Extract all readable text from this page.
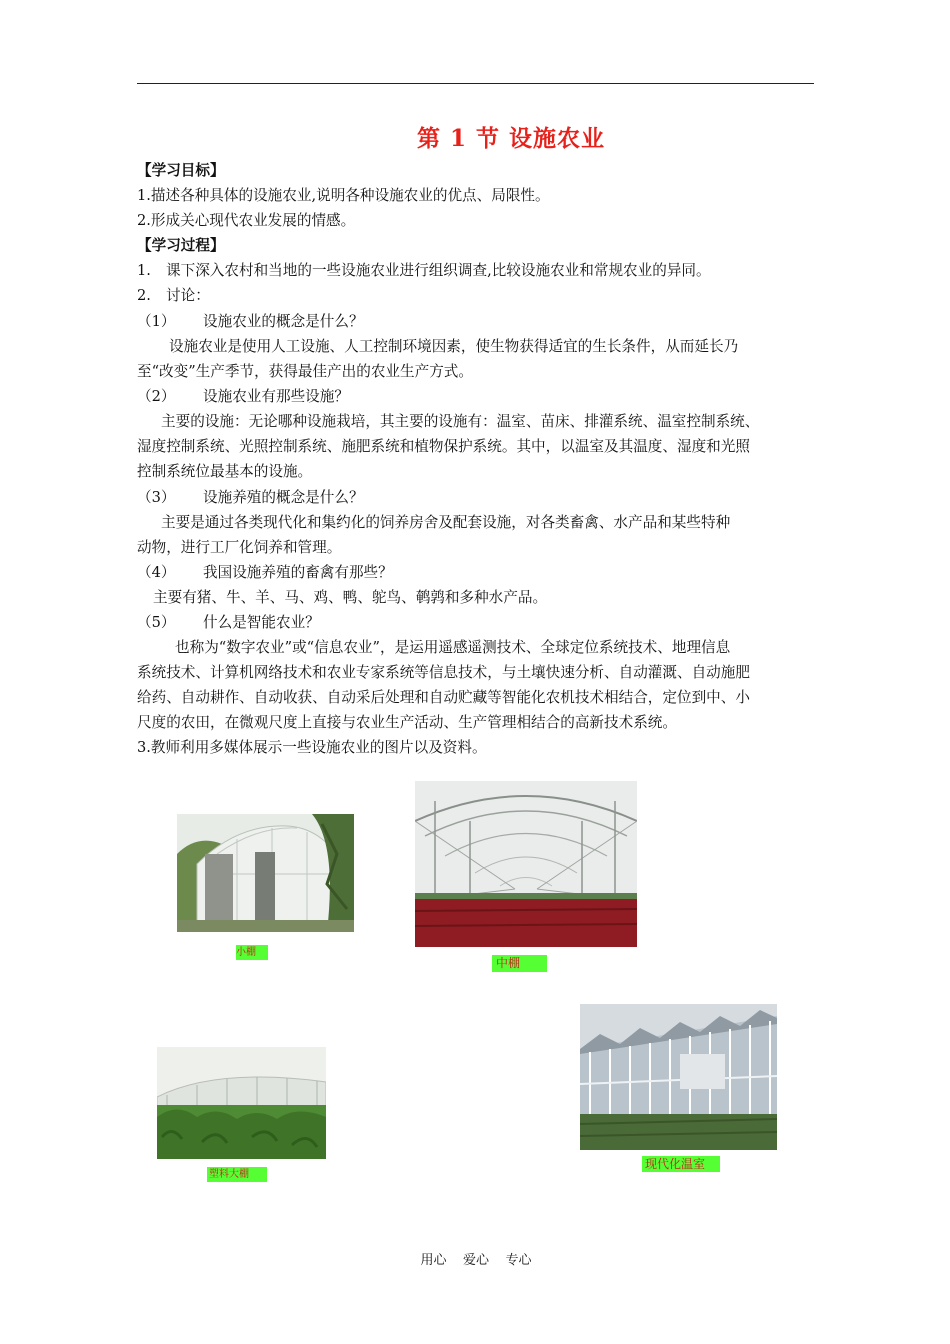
第 1 节 设施农业
【学习目标】
1.描述各种具体的设施农业,说明各种设施农业的优点、局限性。
2.形成关心现代农业发展的情感。
【学习过程】
1. 课下深入农村和当地的一些设施农业进行组织调查,比较设施农业和常规农业的异同。
2. 讨论：
（1） 设施农业的概念是什么？
设施农业是使用人工设施、人工控制环境因素，使生物获得适宜的生长条件，从而延长乃
至“改变”生产季节，获得最佳产出的农业生产方式。
（2） 设施农业有那些设施？
主要的设施：无论哪种设施栽培，其主要的设施有：温室、苗床、排灌系统、温室控制系统、
湿度控制系统、光照控制系统、施肥系统和植物保护系统。其中，以温室及其温度、湿度和光照
控制系统位最基本的设施。
（3） 设施养殖的概念是什么？
主要是通过各类现代化和集约化的饲养房舍及配套设施，对各类畜禽、水产品和某些特种
动物，进行工厂化饲养和管理。
（4） 我国设施养殖的畜禽有那些？
主要有猪、牛、羊、马、鸡、鸭、鸵鸟、鹌鹑和多种水产品。
（5） 什么是智能农业？
也称为“数字农业”或“信息农业”，是运用遥感遥测技术、全球定位系统技术、地理信息
系统技术、计算机网络技术和农业专家系统等信息技术，与土壤快速分析、自动灌溉、自动施肥
给药、自动耕作、自动收获、自动采后处理和自动贮藏等智能化农机技术相结合，定位到中、小
尺度的农田，在微观尺度上直接与农业生产活动、生产管理相结合的高新技术系统。
3.教师利用多媒体展示一些设施农业的图片以及资料。
小棚
中棚
塑料大棚
现代化温室
用心    爱心    专心
